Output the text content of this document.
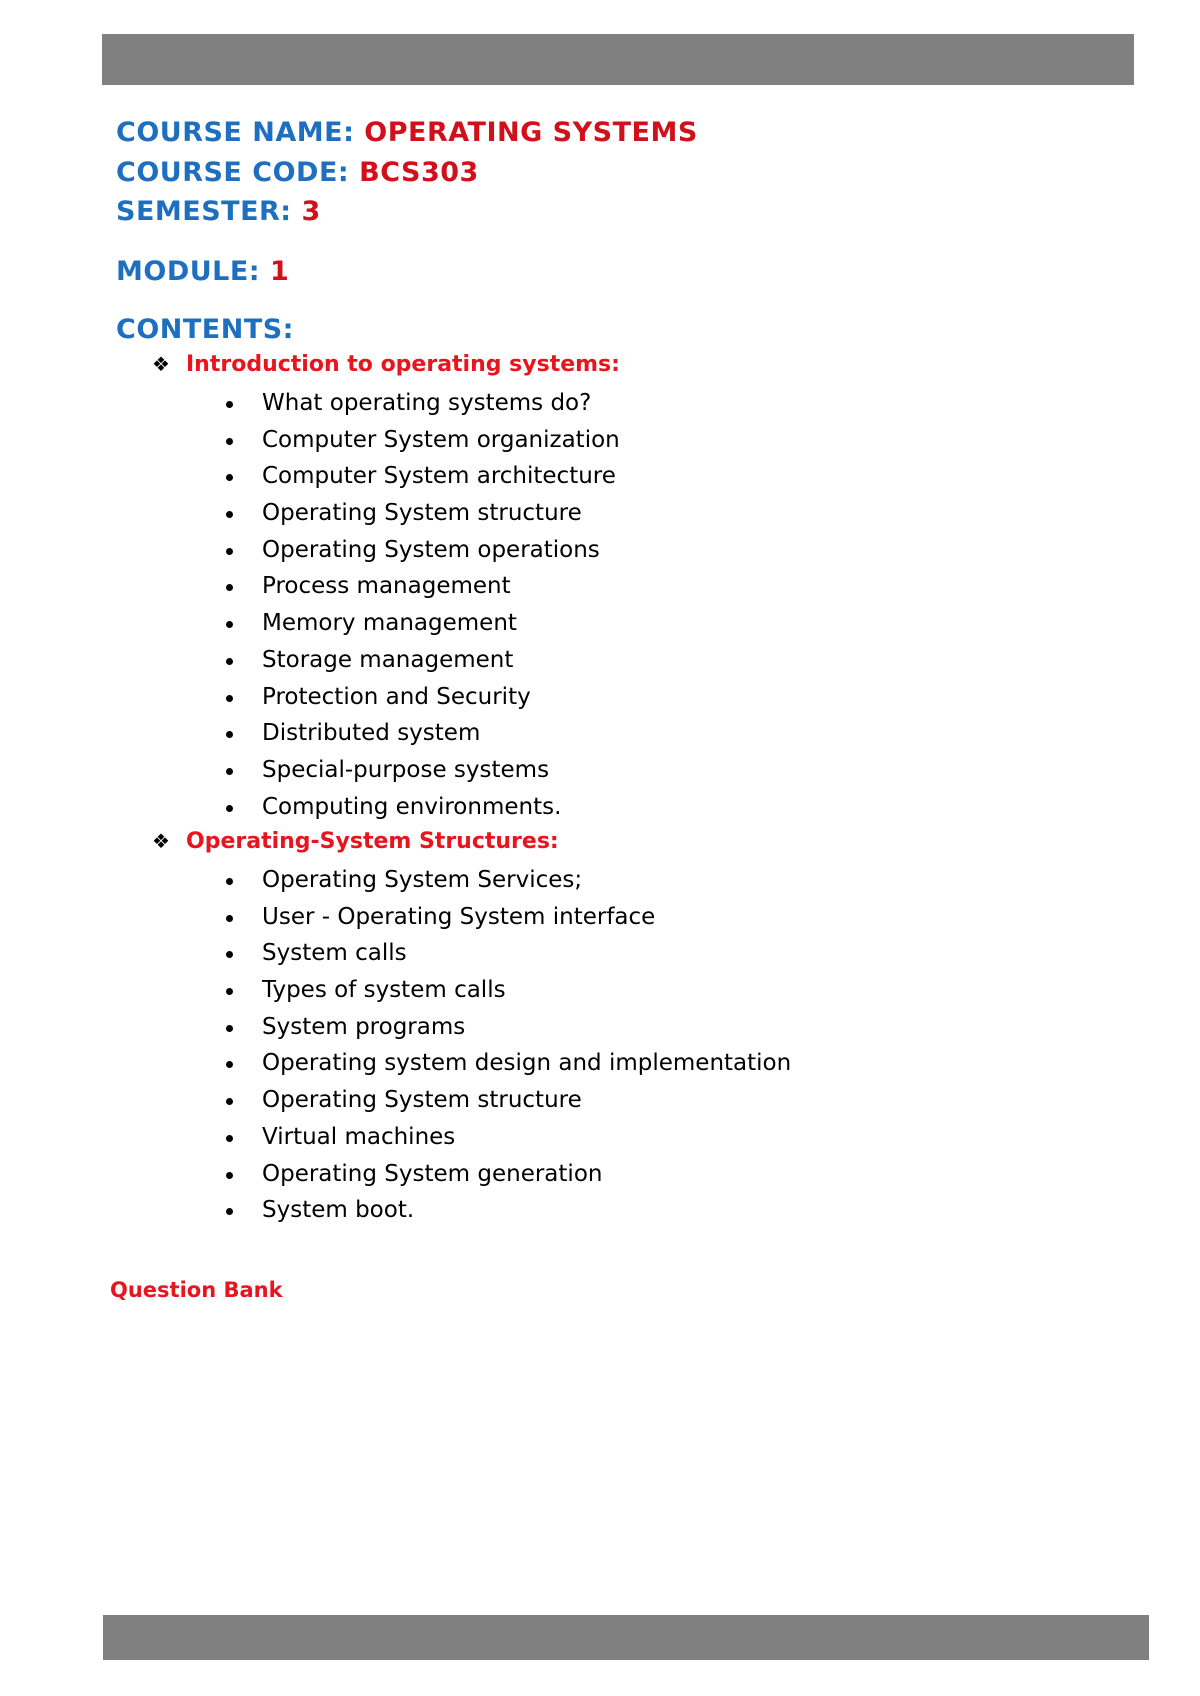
COURSE NAME: OPERATING SYSTEMS
COURSE CODE: BCS303
SEMESTER: 3
MODULE: 1
CONTENTS:
❖ Introduction to operating systems:
What operating systems do?
Computer System organization
Computer System architecture
Operating System structure
Operating System operations
Process management
Memory management
Storage management
Protection and Security
Distributed system
Special-purpose systems
Computing environments.
❖ Operating-System Structures:
Operating System Services;
User - Operating System interface
System calls
Types of system calls
System programs
Operating system design and implementation
Operating System structure
Virtual machines
Operating System generation
System boot.
Question Bank
